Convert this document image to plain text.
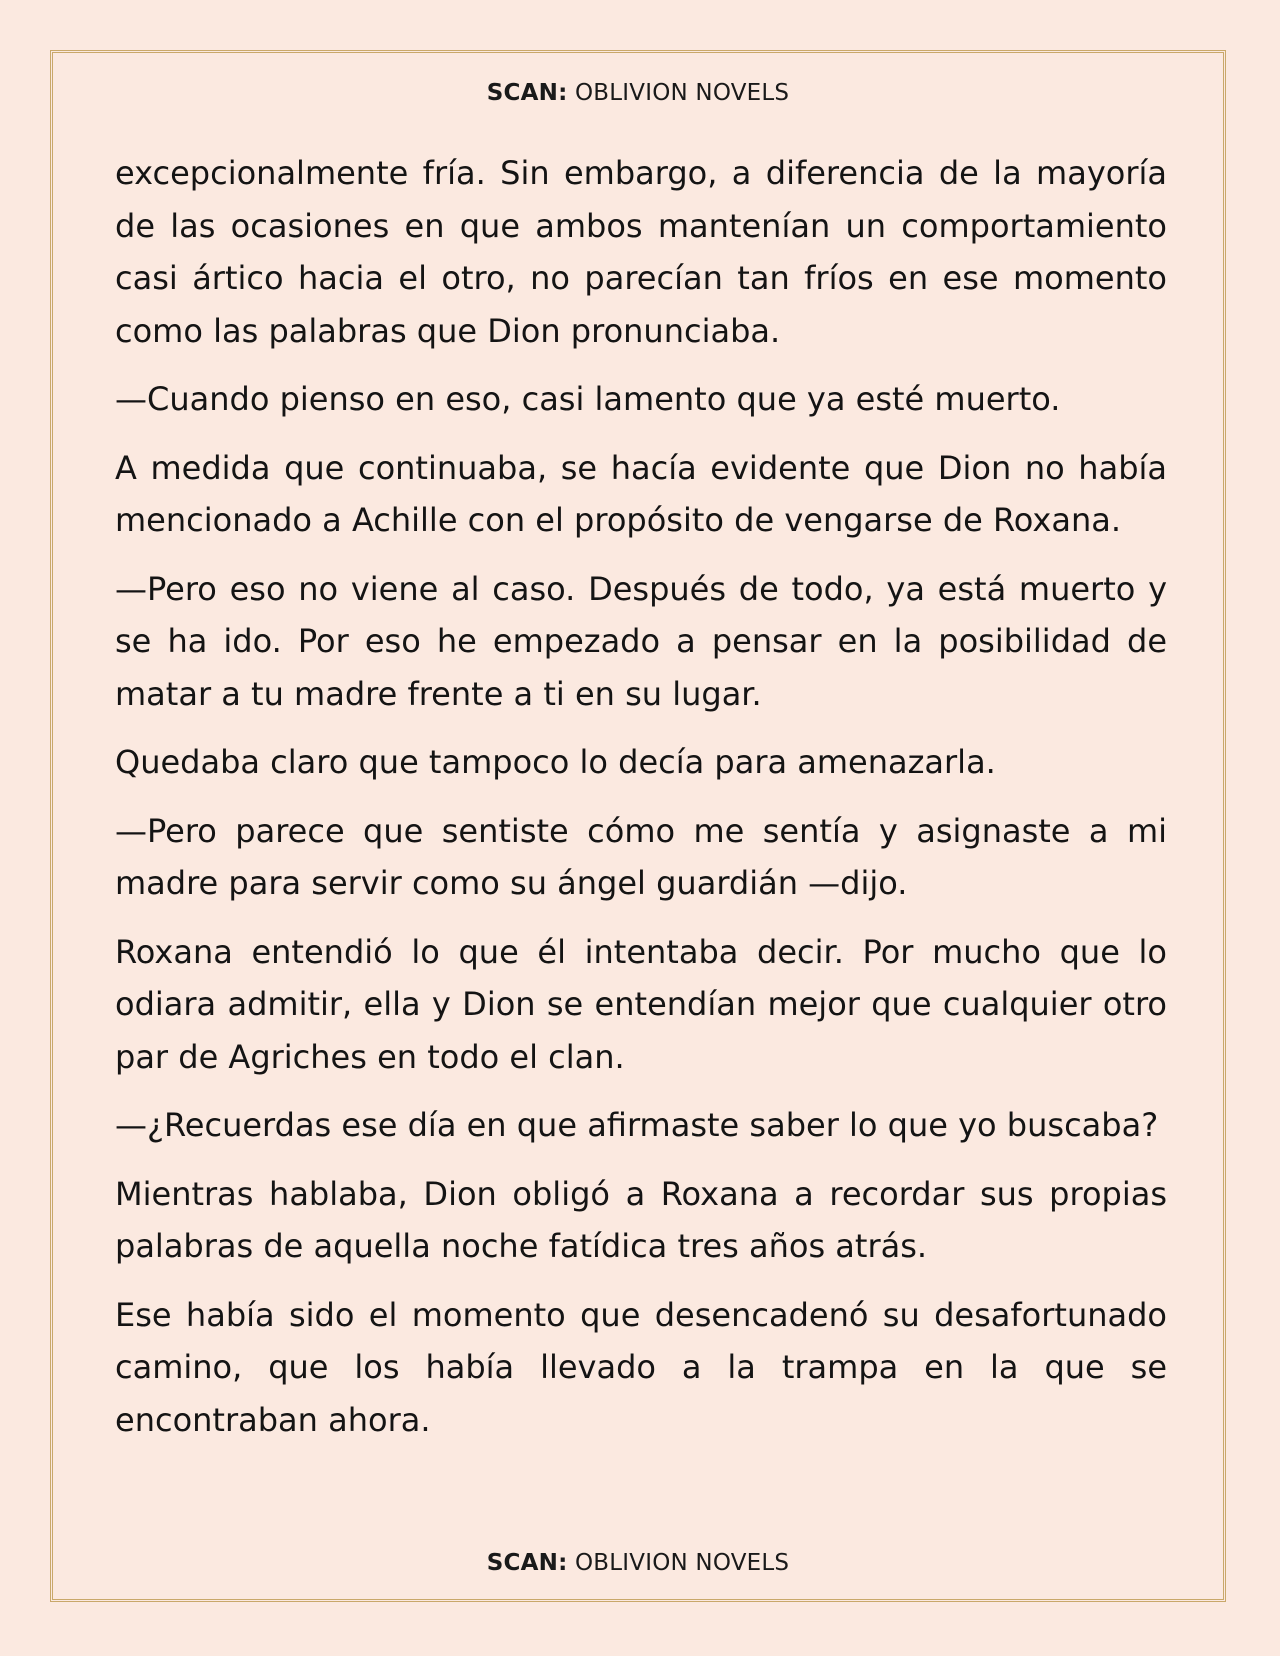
SCAN: OBLIVION NOVELS

excepcionalmente fría. Sin embargo, a diferencia de la mayoría de las ocasiones en que ambos mantenían un comportamiento casi ártico hacia el otro, no parecían tan fríos en ese momento como las palabras que Dion pronunciaba.

—Cuando pienso en eso, casi lamento que ya esté muerto.

A medida que continuaba, se hacía evidente que Dion no había mencionado a Achille con el propósito de vengarse de Roxana.

—Pero eso no viene al caso. Después de todo, ya está muerto y se ha ido. Por eso he empezado a pensar en la posibilidad de matar a tu madre frente a ti en su lugar.

Quedaba claro que tampoco lo decía para amenazarla.

—Pero parece que sentiste cómo me sentía y asignaste a mi madre para servir como su ángel guardián —dijo.

Roxana entendió lo que él intentaba decir. Por mucho que lo odiara admitir, ella y Dion se entendían mejor que cualquier otro par de Agriches en todo el clan.

—¿Recuerdas ese día en que afirmaste saber lo que yo buscaba?

Mientras hablaba, Dion obligó a Roxana a recordar sus propias palabras de aquella noche fatídica tres años atrás.

Ese había sido el momento que desencadenó su desafortunado camino, que los había llevado a la trampa en la que se encontraban ahora.

SCAN: OBLIVION NOVELS
